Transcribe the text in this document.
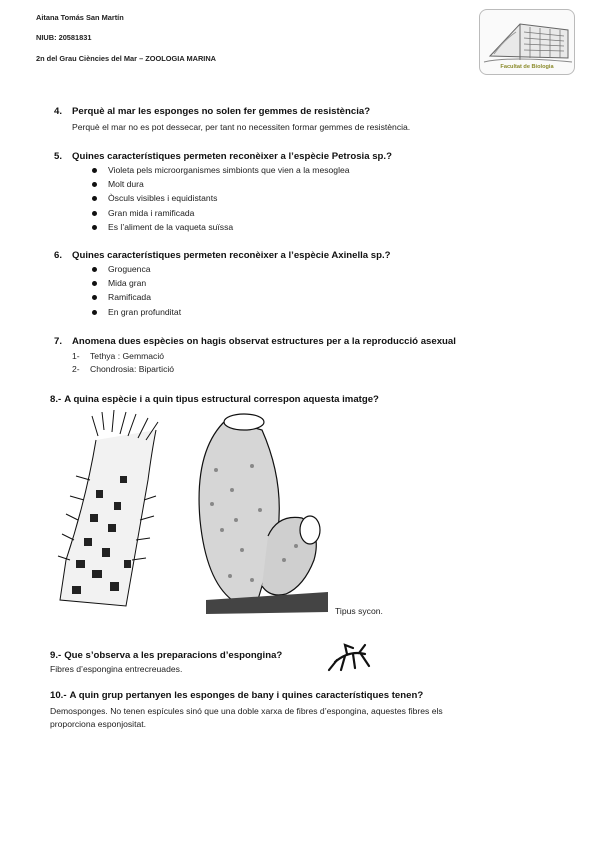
Aitana Tomás San Martín
NIUB: 20581831
2n del Grau Ciències del Mar – ZOOLOGIA MARINA
Facultat de Biologia
4. Perquè al mar les esponges no solen fer gemmes de resistència?
Perquè el mar no es pot dessecar, per tant no necessiten formar gemmes de resistència.
5. Quines característiques permeten reconèixer a l’espècie Petrosia sp.?
Violeta pels microorganismes simbionts que vien a la mesoglea
Molt dura
Òsculs visibles i equidistants
Gran mida i ramificada
Es l’aliment de la vaqueta suïssa
6. Quines característiques permeten reconèixer a l’espècie Axinella sp.?
Groguenca
Mida gran
Ramificada
En gran profunditat
7. Anomena dues espècies on hagis observat estructures per a la reproducció asexual
1- Tethya : Gemmació
2- Chondrosia: Bipartició
8.- A quina espècie i a quin tipus estructural correspon aquesta imatge?
Tipus sycon.
9.- Que s’observa a les preparacions d’espongina?
Fibres d’espongina entrecreuades.
10.- A quin grup pertanyen les esponges de bany i quines característiques tenen?
Demosponges. No tenen espícules sinó que una doble xarxa de fibres d’espongina, aquestes fibres els
proporciona esponjositat.
